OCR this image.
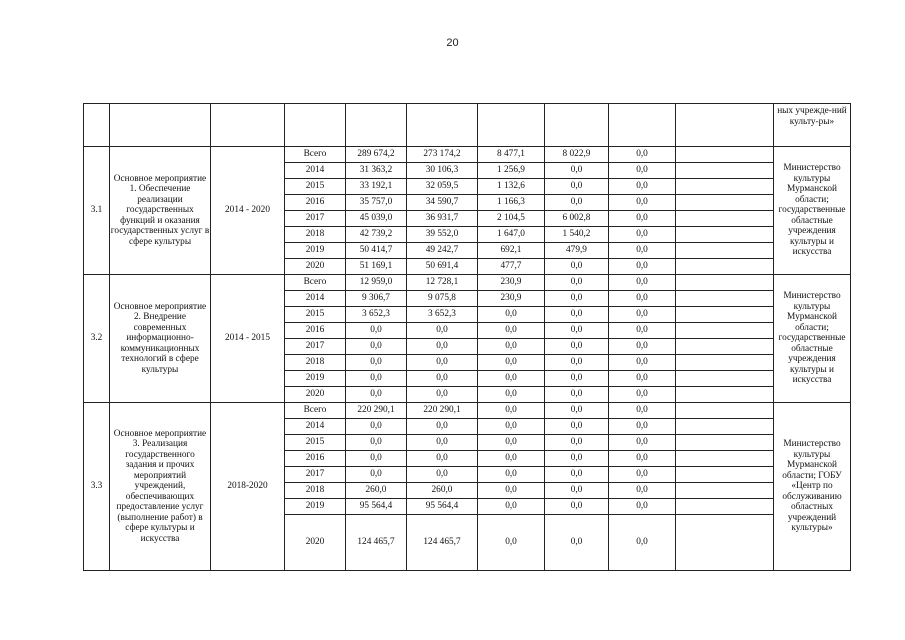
20
										ных учрежде-ний культу-ры»
3.1	Основное мероприятие 1. Обеспечение реализации государственных функций и оказания государственных услуг в сфере культуры	2014 - 2020	Всего	289 674,2	273 174,2	8 477,1	8 022,9	0,0		Министерство культуры Мурманской области; государственные областные учреждения культуры и искусства
			2014	31 363,2	30 106,3	1 256,9	0,0	0,0		
			2015	33 192,1	32 059,5	1 132,6	0,0	0,0		
			2016	35 757,0	34 590,7	1 166,3	0,0	0,0		
			2017	45 039,0	36 931,7	2 104,5	6 002,8	0,0		
			2018	42 739,2	39 552,0	1 647,0	1 540,2	0,0		
			2019	50 414,7	49 242,7	692,1	479,9	0,0		
			2020	51 169,1	50 691,4	477,7	0,0	0,0		
3.2	Основное мероприятие 2. Внедрение современных информационно-коммуникационных технологий в сфере культуры	2014 - 2015	Всего	12 959,0	12 728,1	230,9	0,0	0,0		Министерство культуры Мурманской области; государственные областные учреждения культуры и искусства
			2014	9 306,7	9 075,8	230,9	0,0	0,0		
			2015	3 652,3	3 652,3	0,0	0,0	0,0		
			2016	0,0	0,0	0,0	0,0	0,0		
			2017	0,0	0,0	0,0	0,0	0,0		
			2018	0,0	0,0	0,0	0,0	0,0		
			2019	0,0	0,0	0,0	0,0	0,0		
			2020	0,0	0,0	0,0	0,0	0,0		
3.3	Основное мероприятие 3. Реализация государственного задания и прочих мероприятий учреждений, обеспечивающих предоставление услуг (выполнение работ) в сфере культуры и искусства	2018-2020	Всего	220 290,1	220 290,1	0,0	0,0	0,0		Министерство культуры Мурманской области; ГОБУ «Центр по обслуживанию областных учреждений культуры»
			2014	0,0	0,0	0,0	0,0	0,0		
			2015	0,0	0,0	0,0	0,0	0,0		
			2016	0,0	0,0	0,0	0,0	0,0		
			2017	0,0	0,0	0,0	0,0	0,0		
			2018	260,0	260,0	0,0	0,0	0,0		
			2019	95 564,4	95 564,4	0,0	0,0	0,0		
			2020	124 465,7	124 465,7	0,0	0,0	0,0		
